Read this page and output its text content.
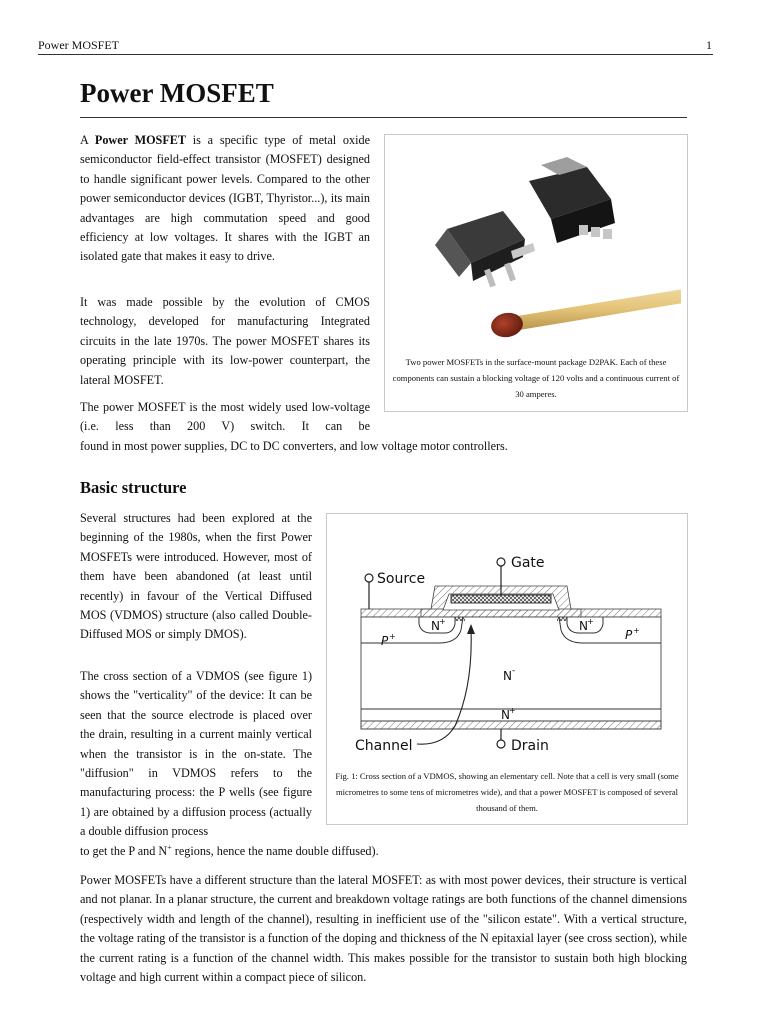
Power MOSFET	1
Power MOSFET

A Power MOSFET is a specific type of metal oxide semiconductor field-effect transistor (MOSFET) designed to handle significant power levels. Compared to the other power semiconductor devices (IGBT, Thyristor...), its main advantages are high commutation speed and good efficiency at low voltages. It shares with the IGBT an isolated gate that makes it easy to drive.

It was made possible by the evolution of CMOS technology, developed for manufacturing Integrated circuits in the late 1970s. The power MOSFET shares its operating principle with its low-power counterpart, the lateral MOSFET.

The power MOSFET is the most widely used low-voltage (i.e. less than 200 V) switch. It can be

found in most power supplies, DC to DC converters, and low voltage motor controllers.

Two power MOSFETs in the surface-mount package D2PAK. Each of these components can sustain a blocking voltage of 120 volts and a continuous current of 30 amperes.
Basic structure

Several structures had been explored at the beginning of the 1980s, when the first Power MOSFETs were introduced. However, most of them have been abandoned (at least until recently) in favour of the Vertical Diffused MOS (VDMOS) structure (also called Double-Diffused MOS or simply DMOS).

The cross section of a VDMOS (see figure 1) shows the "verticality" of the device: It can be seen that the source electrode is placed over the drain, resulting in a current mainly vertical when the transistor is in the on-state. The "diffusion" in VDMOS refers to the manufacturing process: the P wells (see figure 1) are obtained by a diffusion process (actually a double diffusion process

to get the P and N+ regions, hence the name double diffused).

Gate
Source
Drain
Channel
N +	N +
P +	P +
N -
N +
Fig. 1: Cross section of a VDMOS, showing an elementary cell. Note that a cell is very small (some micrometres to some tens of micrometres wide), and that a power MOSFET is composed of several thousand of them.

Power MOSFETs have a different structure than the lateral MOSFET: as with most power devices, their structure is vertical and not planar. In a planar structure, the current and breakdown voltage ratings are both functions of the channel dimensions (respectively width and length of the channel), resulting in inefficient use of the "silicon estate". With a vertical structure, the voltage rating of the transistor is a function of the doping and thickness of the N epitaxial layer (see cross section), while the current rating is a function of the channel width. This makes possible for the transistor to sustain both high blocking voltage and high current within a compact piece of silicon.
